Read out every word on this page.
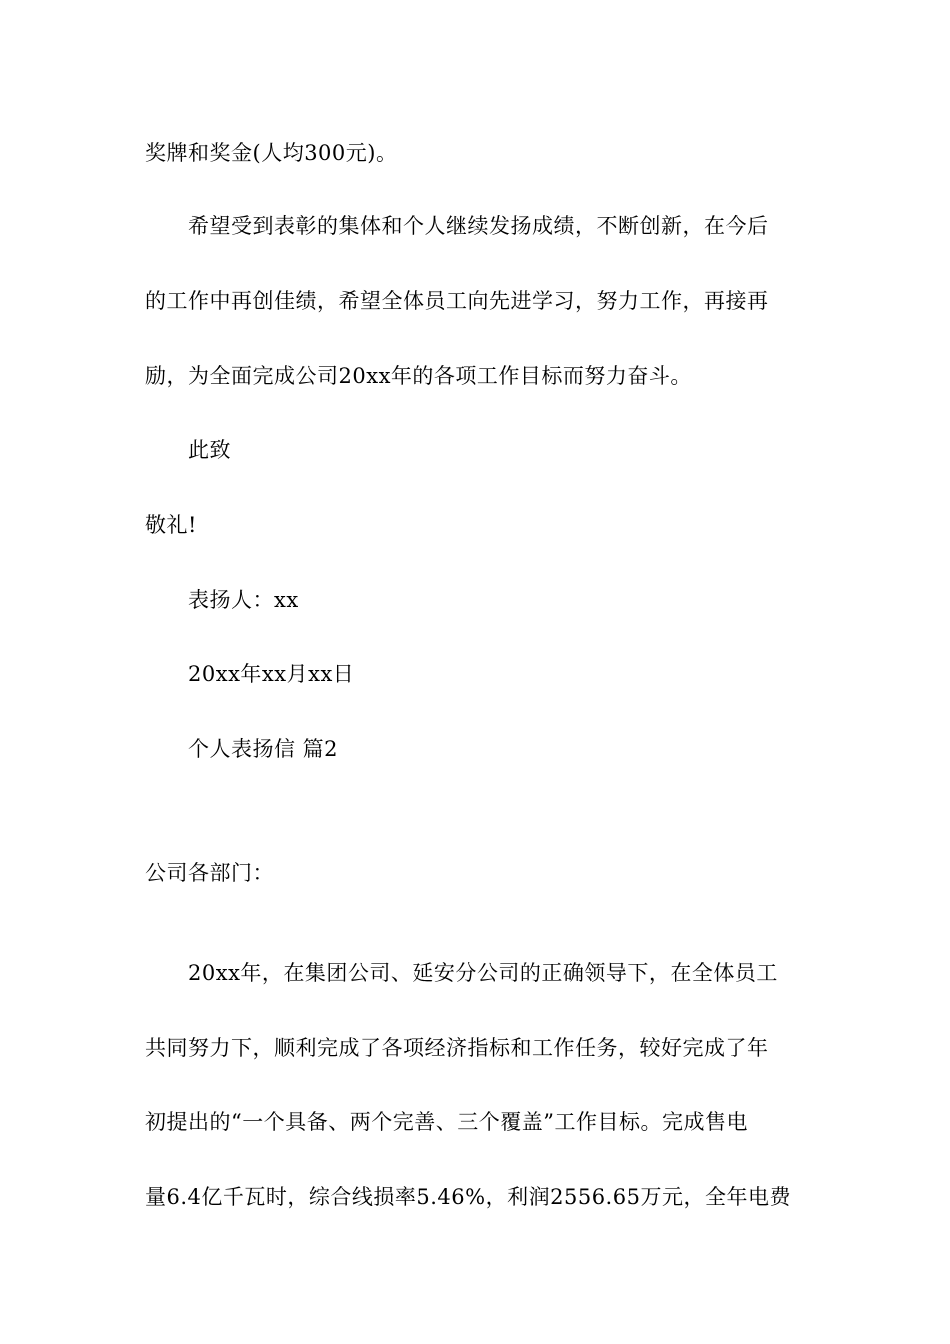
奖牌和奖金(人均300元)。
希望受到表彰的集体和个人继续发扬成绩，不断创新，在今后
的工作中再创佳绩，希望全体员工向先进学习，努力工作，再接再
励，为全面完成公司20xx年的各项工作目标而努力奋斗。
此致
敬礼!
表扬人：xx
20xx年xx月xx日
个人表扬信 篇2
公司各部门：
20xx年，在集团公司、延安分公司的正确领导下，在全体员工
共同努力下，顺利完成了各项经济指标和工作任务，较好完成了年
初提出的“一个具备、两个完善、三个覆盖”工作目标。完成售电
量6.4亿千瓦时，综合线损率5.46%，利润2556.65万元，全年电费
